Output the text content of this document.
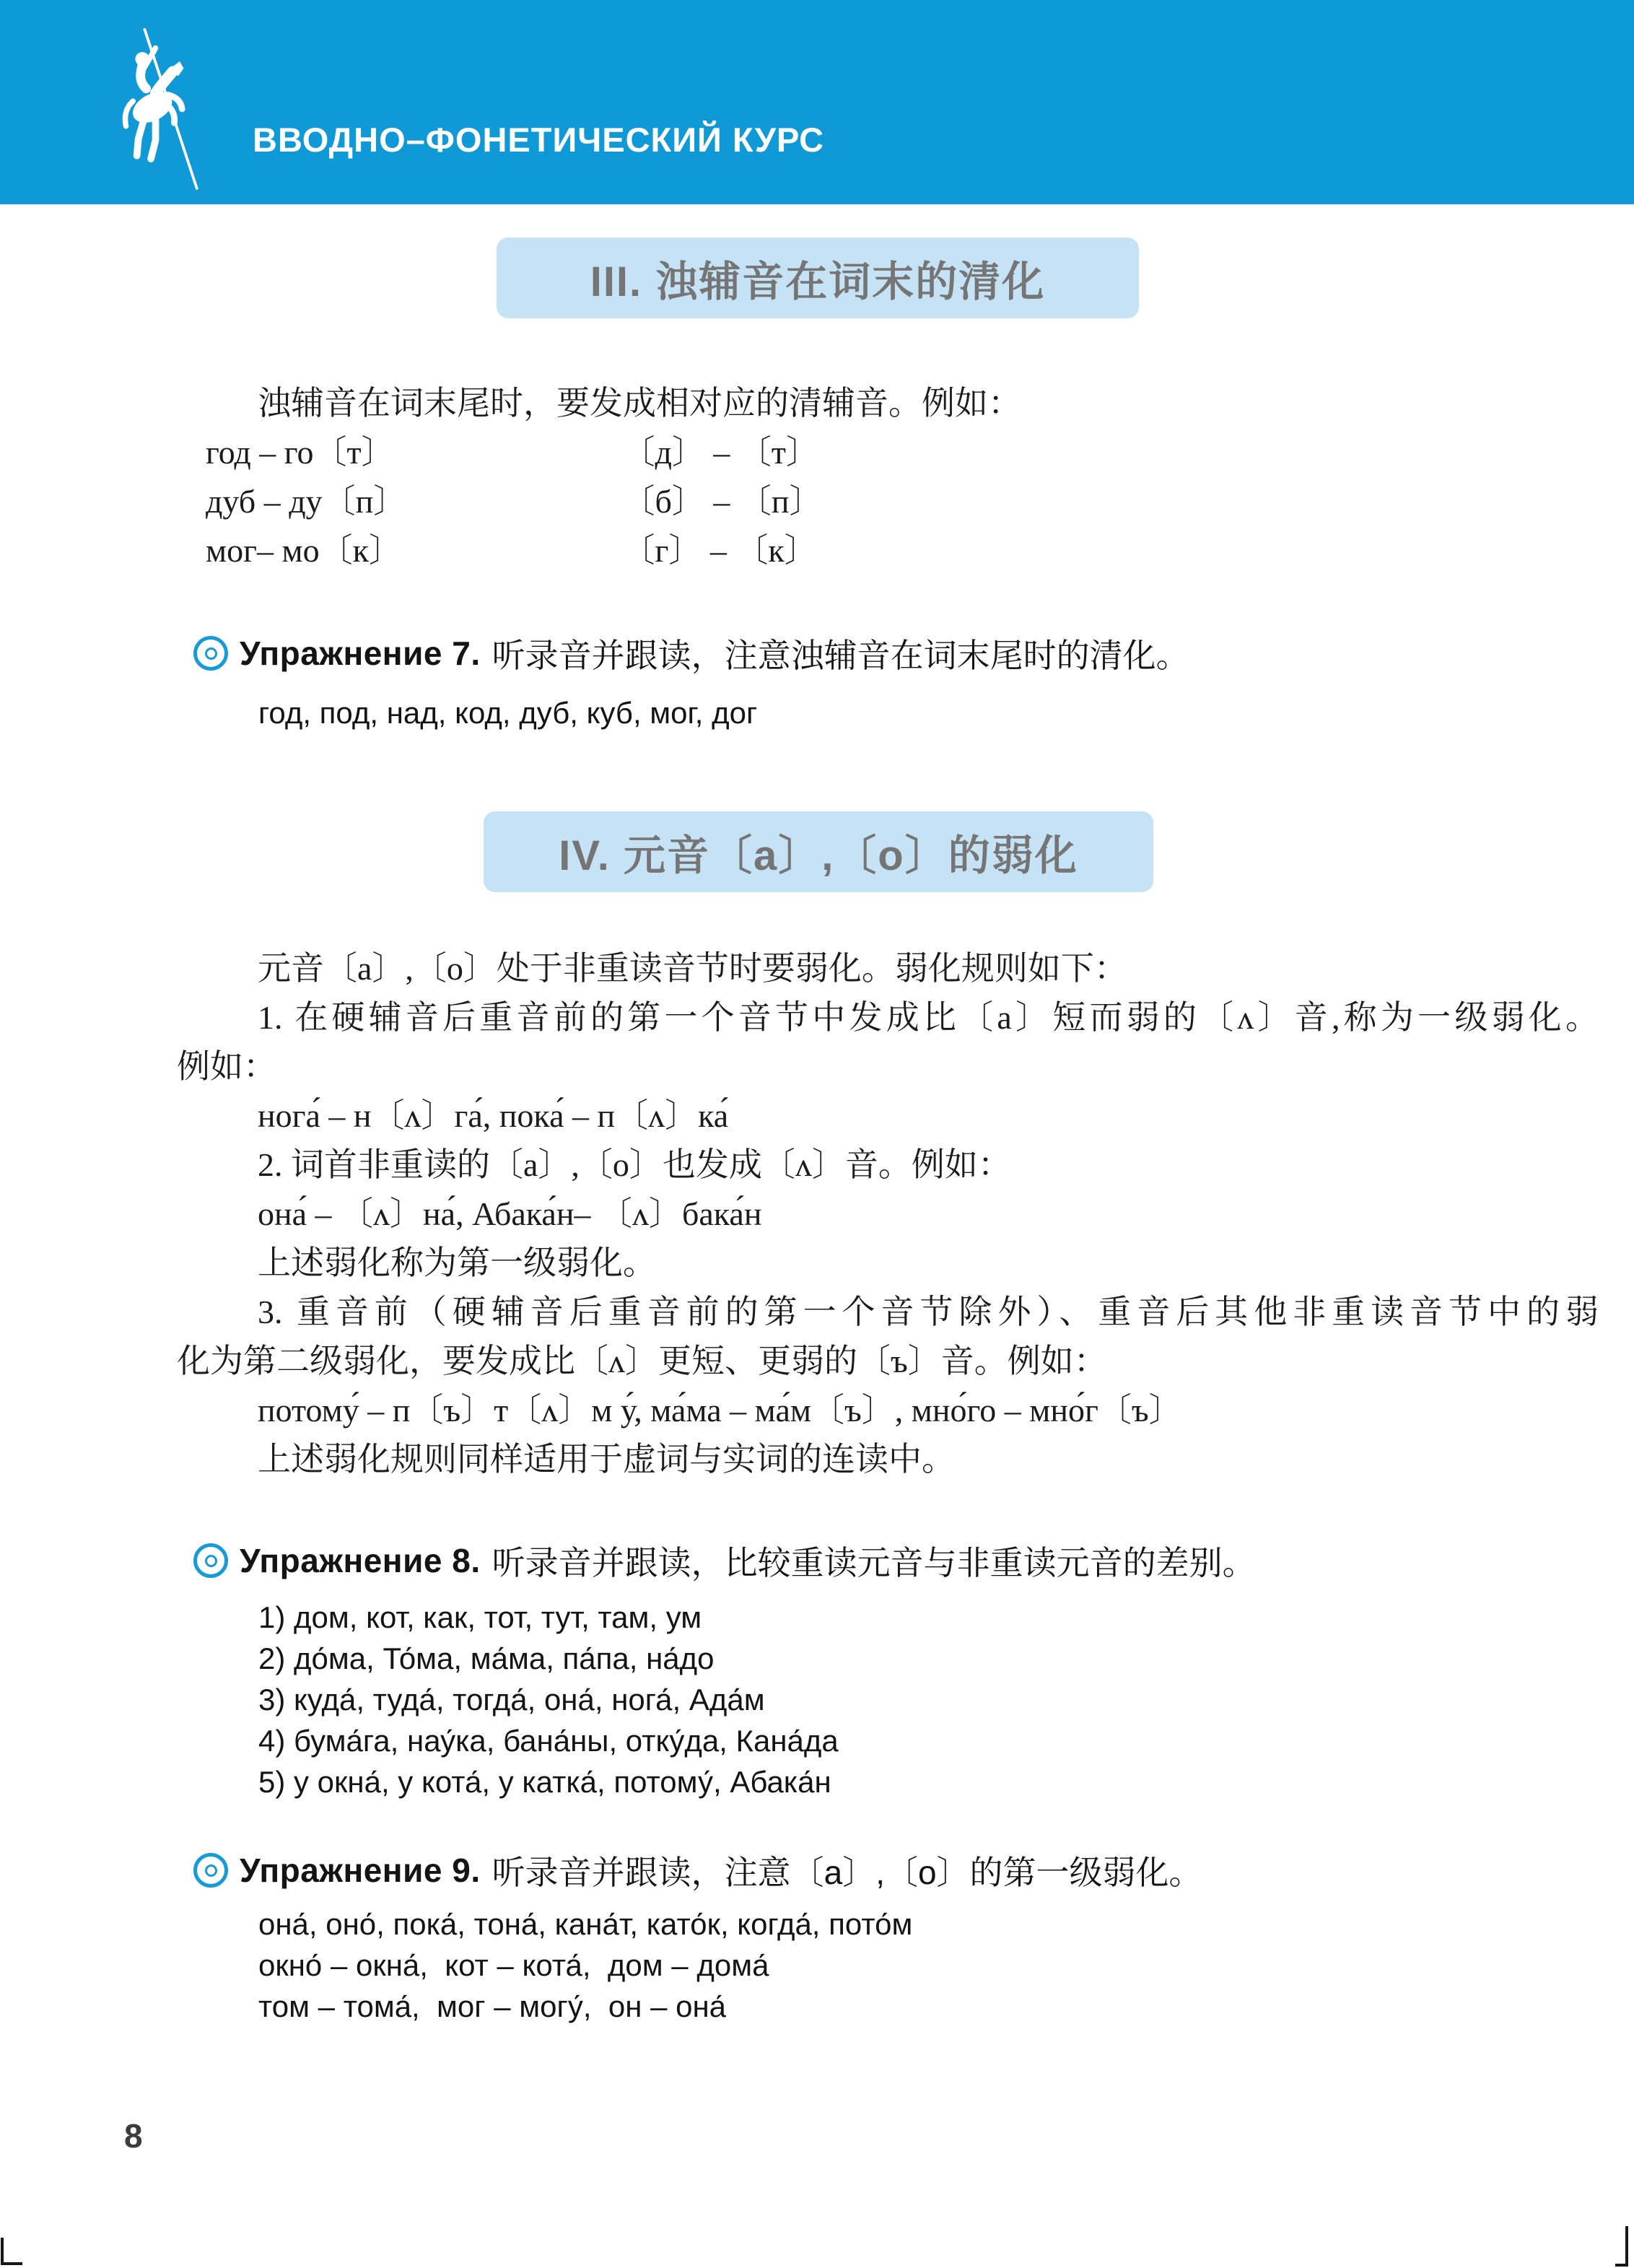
ВВОДНО–ФОНЕТИЧЕСКИЙ КУРС
III. 浊辅音在词末的清化

浊辅音在词末尾时，要发成相对应的清辅音。例如：

год – го〔т〕	〔д〕 – 〔т〕
дуб – ду〔п〕	〔б〕 – 〔п〕
мог– мо〔к〕	〔г〕 – 〔к〕
Упражнение 7. 听录音并跟读，注意浊辅音在词末尾时的清化。
год, под, над, код, дуб, куб, мог, дог
IV. 元音〔a〕,〔o〕的弱化

元音〔a〕,〔o〕处于非重读音节时要弱化。弱化规则如下：

1. 在硬辅音后重音前的第一个音节中发成比〔a〕短而弱的〔ʌ〕音,称为一级弱化。

例如：

нога́ – н〔ʌ〕га́, пока́ – п〔ʌ〕ка́

2. 词首非重读的〔a〕,〔o〕也发成〔ʌ〕音。例如：

она́ – 〔ʌ〕на́, Абака́н– 〔ʌ〕бака́н

上述弱化称为第一级弱化。

3. 重音前（硬辅音后重音前的第一个音节除外）、重音后其他非重读音节中的弱

化为第二级弱化，要发成比〔ʌ〕更短、更弱的〔ъ〕音。例如：

потому́ – п〔ъ〕т〔ʌ〕м у́, ма́ма – ма́м〔ъ〕, мно́го – мно́г〔ъ〕

上述弱化规则同样适用于虚词与实词的连读中。

Упражнение 8. 听录音并跟读，比较重读元音与非重读元音的差别。
1) дом, кот, как, тот, тут, там, ум
2) до́ма, То́ма, ма́ма, па́па, на́до
3) куда́, туда́, тогда́, она́, нога́, Ада́м
4) бума́га, нау́ка, бана́ны, отку́да, Кана́да
5) у окна́, у кота́, у катка́, потому́, Абака́н
Упражнение 9. 听录音并跟读，注意〔a〕,〔o〕的第一级弱化。
она́, оно́, пока́, тона́, кана́т, като́к, когда́, пото́м
окно́ – окна́,  кот – кота́,  дом – дома́
том – тома́,  мог – могу́,  он – она́
8
